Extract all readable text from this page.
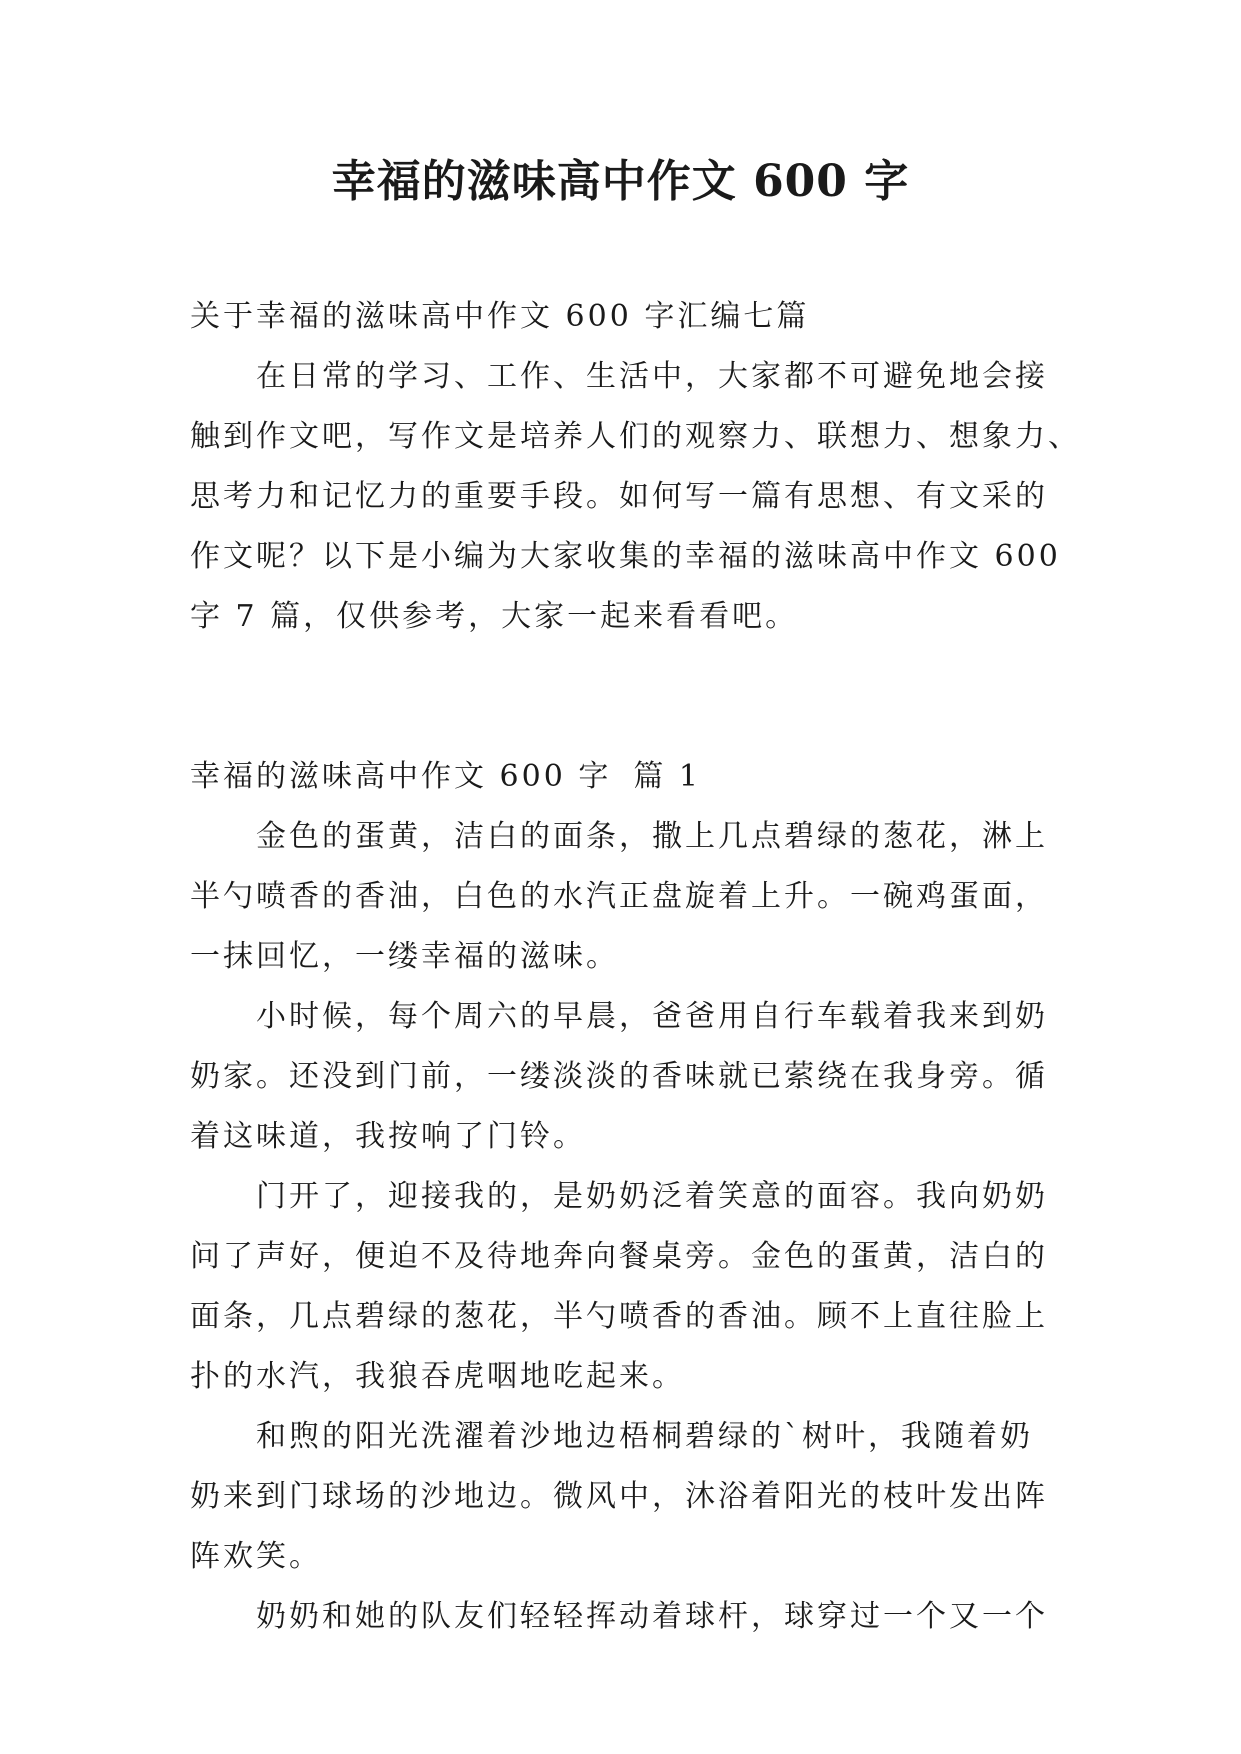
幸福的滋味高中作文 600 字
关于幸福的滋味高中作文 600 字汇编七篇
在日常的学习、工作、生活中，大家都不可避免地会接
触到作文吧，写作文是培养人们的观察力、联想力、想象力、
思考力和记忆力的重要手段。如何写一篇有思想、有文采的
作文呢？以下是小编为大家收集的幸福的滋味高中作文 600
字 7 篇，仅供参考，大家一起来看看吧。
幸福的滋味高中作文 600 字 篇 1
金色的蛋黄，洁白的面条，撒上几点碧绿的葱花，淋上
半勺喷香的香油，白色的水汽正盘旋着上升。一碗鸡蛋面，
一抹回忆，一缕幸福的滋味。
小时候，每个周六的早晨，爸爸用自行车载着我来到奶
奶家。还没到门前，一缕淡淡的香味就已萦绕在我身旁。循
着这味道，我按响了门铃。
门开了，迎接我的，是奶奶泛着笑意的面容。我向奶奶
问了声好，便迫不及待地奔向餐桌旁。金色的蛋黄，洁白的
面条，几点碧绿的葱花，半勺喷香的香油。顾不上直往脸上
扑的水汽，我狼吞虎咽地吃起来。
和煦的阳光洗濯着沙地边梧桐碧绿的`树叶，我随着奶
奶来到门球场的沙地边。微风中，沐浴着阳光的枝叶发出阵
阵欢笑。
奶奶和她的队友们轻轻挥动着球杆，球穿过一个又一个
